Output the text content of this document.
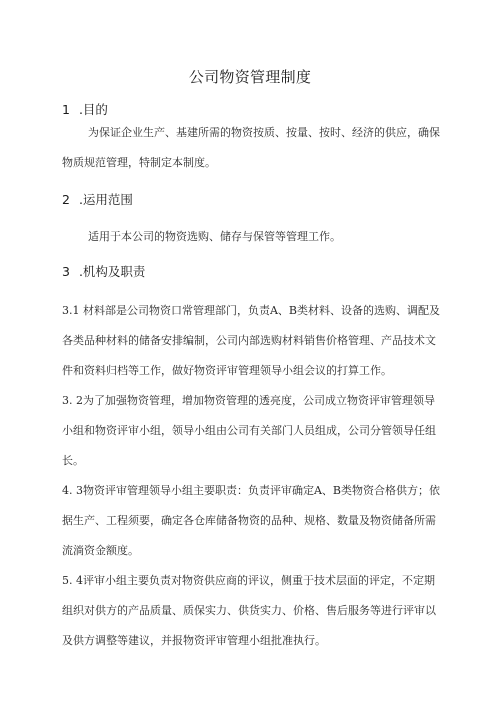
公司物资管理制度
1 .目的
为保证企业生产、基建所需的物资按质、按量、按时、经济的供应，确保
物质规范管理，特制定本制度。
2 .运用范围
适用于本公司的物资选购、储存与保管等管理工作。
3 .机构及职责
3.1 材料部是公司物资口常管理部门，负责A、B类材料、设备的选购、调配及
各类品种材料的储备安排编制，公司内部选购材料销售价格管理、产品技术文
件和资料归档等工作，做好物资评审管理领导小组会议的打算工作。
3. 2为了加强物资管理，增加物资管理的透亮度，公司成立物资评审管理领导
小组和物资评审小组，领导小组由公司有关部门人员组成，公司分管领导任组
长。
4. 3物资评审管理领导小组主要职责：负责评审确定A、B类物资合格供方；依
据生产、工程须要，确定各仓库储备物资的品种、规格、数量及物资储备所需
流淌资金额度。
5. 4评审小组主要负责对物资供应商的评议，侧重于技术层面的评定，不定期
组织对供方的产品质量、质保实力、供货实力、价格、售后服务等进行评审以
及供方调整等建议，并报物资评审管理小组批准执行。
